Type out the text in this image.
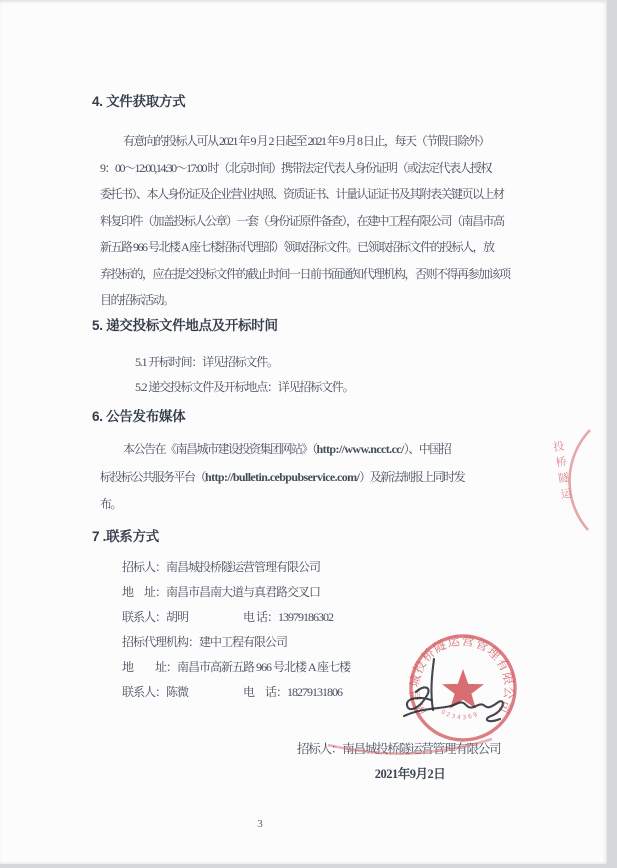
4. 文件获取方式
有意向的投标人可从 2021 年 9 月 2 日起至 2021 年 9 月 8 日止，每天（节假日除外）
9：00～12:00,14:30～17:00 时（北京时间）携带法定代表人身份证明（或法定代表人授权
委托书）、本人身份证及企业营业执照、资质证书、计量认证证书及其附表关键页以上材
料复印件（加盖投标人公章）一套（身份证原件备查），在建中工程有限公司（南昌市高
新五路 966 号北楼 A 座七楼招标代理部）领取招标文件。已领取招标文件的投标人，放
弃投标的，应在提交投标文件的截止时间一日前书面通知代理机构，否则不得再参加该项
目的招标活动。
5. 递交投标文件地点及开标时间
5.1 开标时间：详见招标文件。
5.2 递交投标文件及开标地点：详见招标文件。
6. 公告发布媒体
本公告在《南昌城市建设投资集团网站》（http://www.ncct.cc/）、中国招
标投标公共服务平台（http://bulletin.cebpubservice.com/）及新法制报上同时发
布。
7 .联系方式
招标人：南昌城投桥隧运营管理有限公司
地　址：南昌市昌南大道与真君路交叉口
联系人：胡明　　　　　电 话：13979186302
招标代理机构：建中工程有限公司
地　　址：南昌市高新五路 966 号北楼 A 座七楼
联系人：陈微　　　　　电　话：18279131806
招标人：南昌城投桥隧运营管理有限公司
2021年9月2日
南昌城投桥隧运营管理有限公司
0234369
投桥隧运
3
